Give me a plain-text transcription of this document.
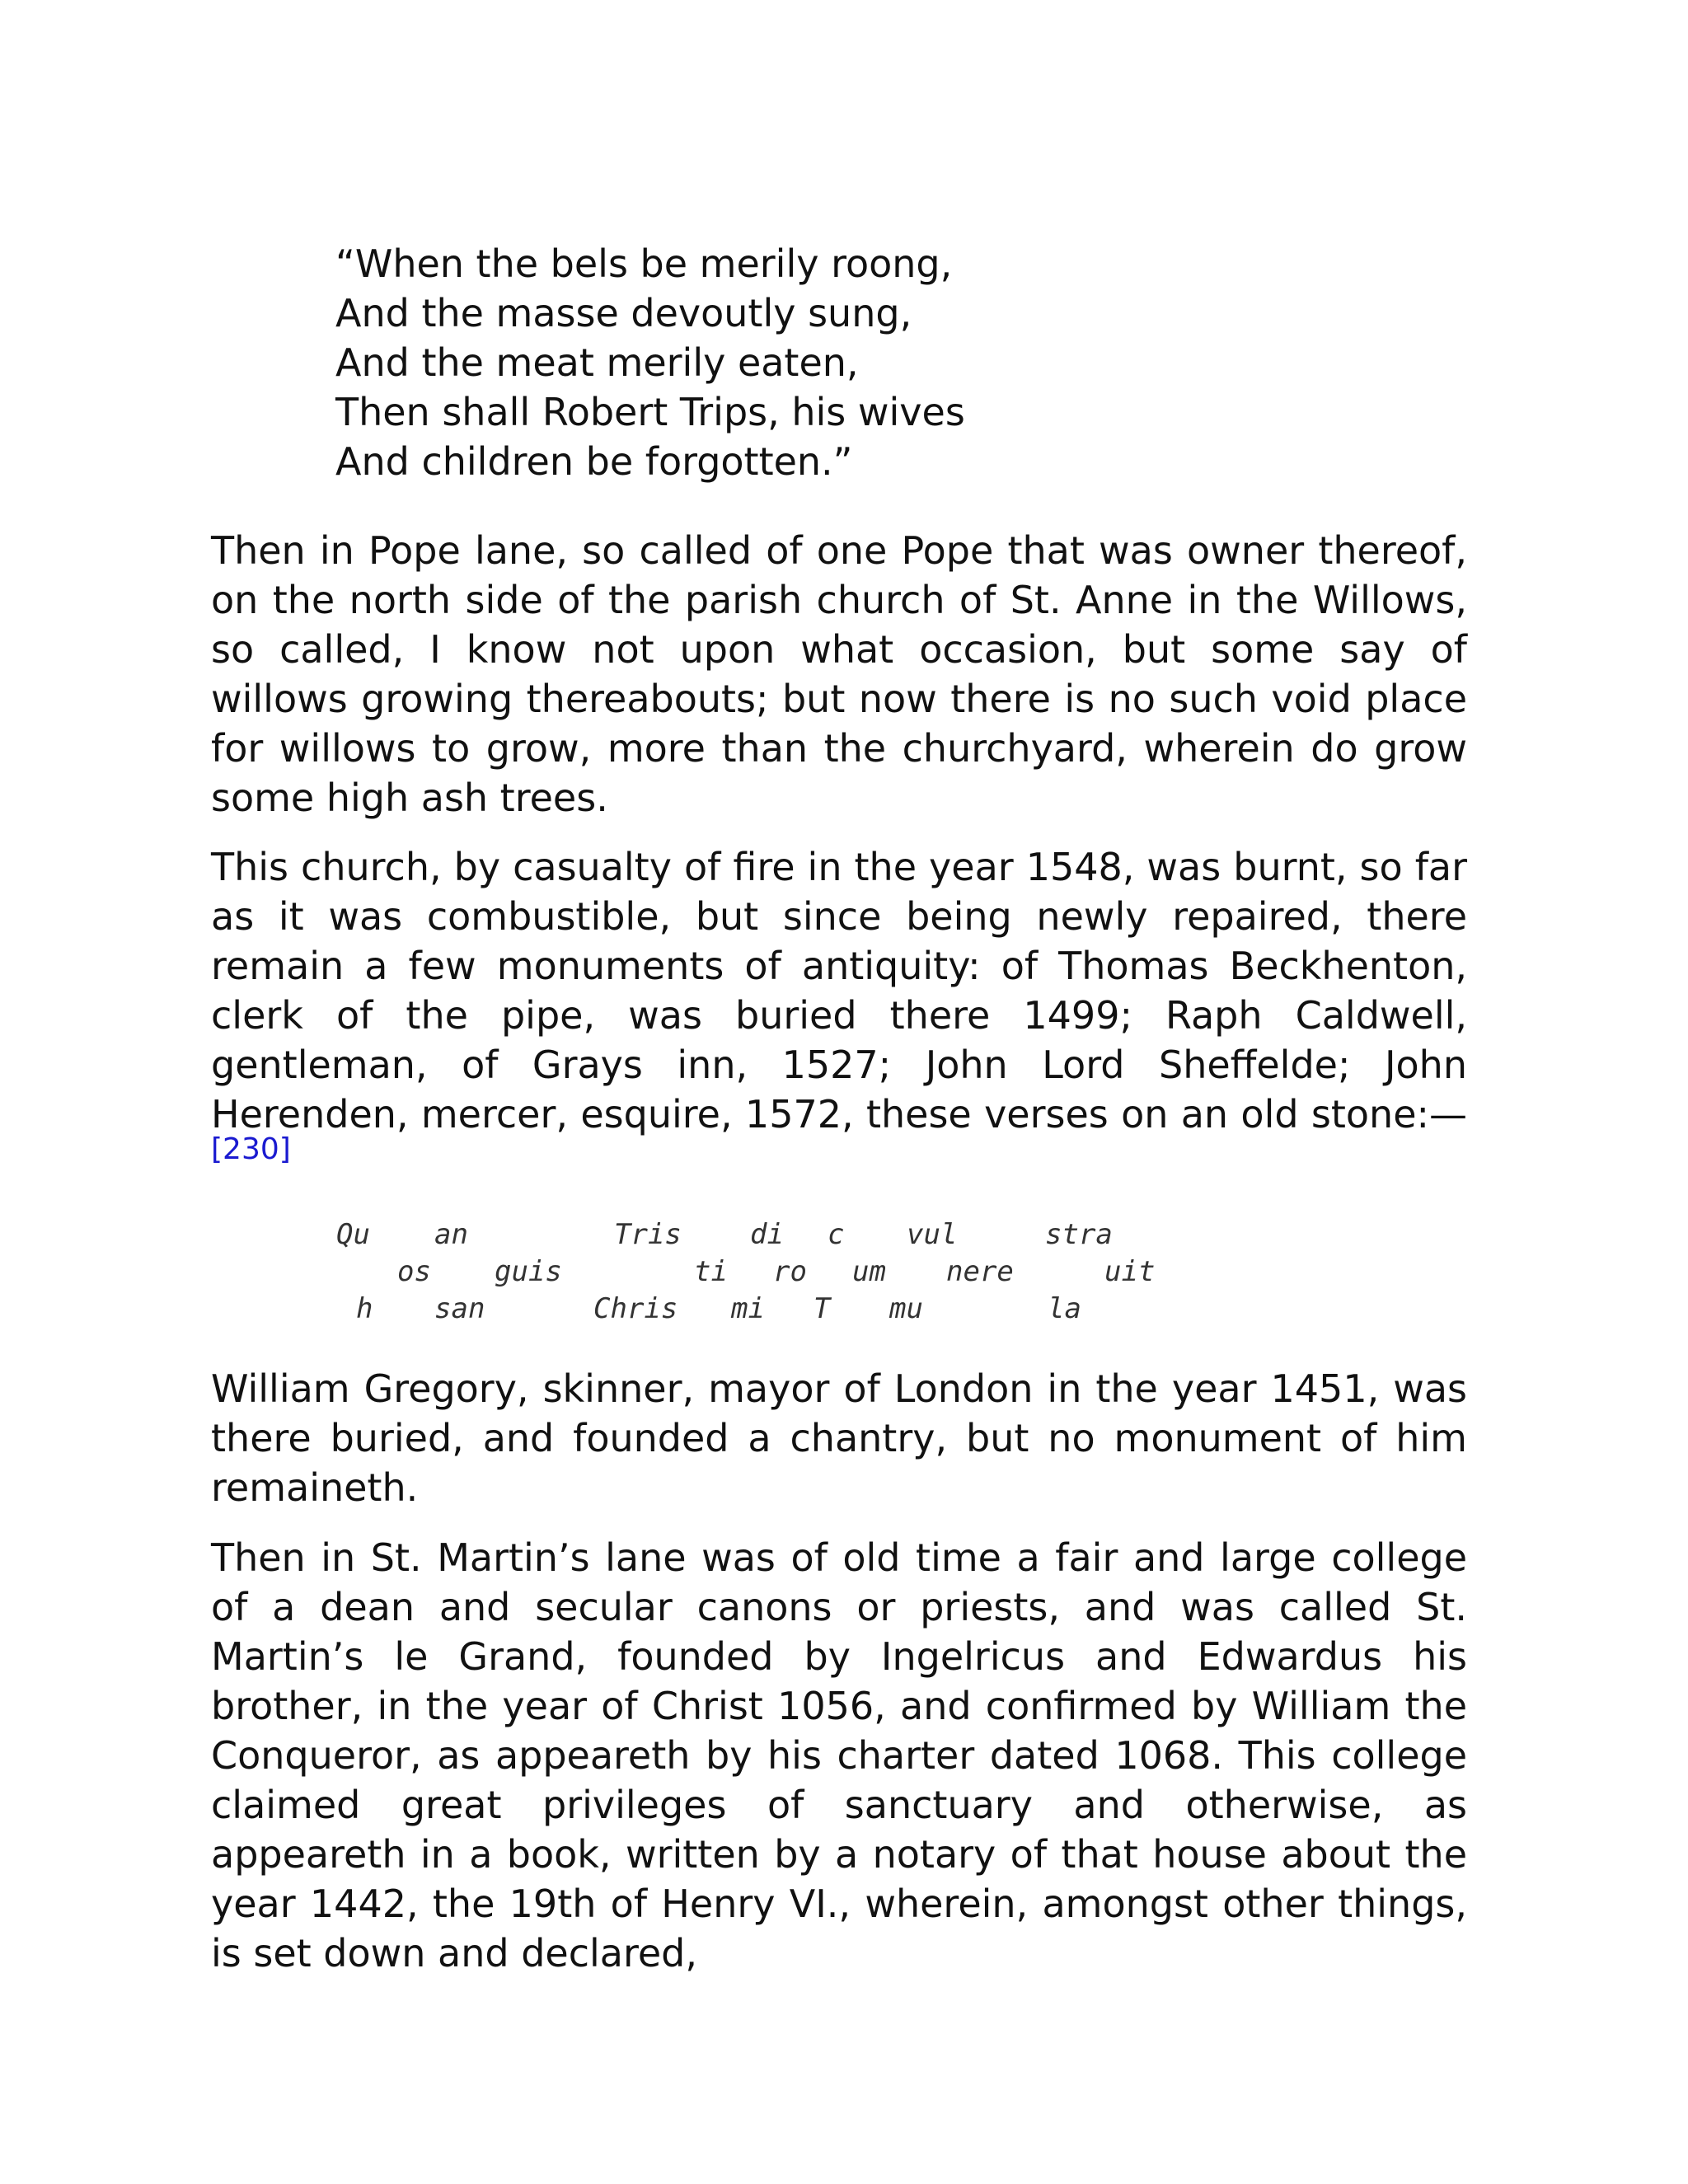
“When the bels be merily roong,
And the masse devoutly sung,
And the meat merily eaten,
Then shall Robert Trips, his wives
And children be forgotten.”

Then in Pope lane, so called of one Pope that was owner thereof, on the north side of the parish church of St. Anne in the Willows, so called, I know not upon what occasion, but some say of willows growing thereabouts; but now there is no such void place for willows to grow, more than the churchyard, wherein do grow some high ash trees.

This church, by casualty of fire in the year 1548, was burnt, so far as it was combustible, but since being newly repaired, there remain a few monuments of antiquity: of Thomas Beckhenton, clerk of the pipe, was buried there 1499; Raph Caldwell, gentleman, of Grays inn, 1527; John Lord Sheffelde; John Herenden, mercer, esquire, 1572, these verses on an old stone:—[230]

Qu an	Tris di c vul	stra
os guis	ti ro um nere	uit
h san	Chris mi T mu	la

William Gregory, skinner, mayor of London in the year 1451, was there buried, and founded a chantry, but no monument of him remaineth.

Then in St. Martin’s lane was of old time a fair and large college of a dean and secular canons or priests, and was called St. Martin’s le Grand, founded by Ingelricus and Edwardus his brother, in the year of Christ 1056, and confirmed by William the Conqueror, as appeareth by his charter dated 1068. This college claimed great privileges of sanctuary and otherwise, as appeareth in a book, written by a notary of that house about the year 1442, the 19th of Henry VI., wherein, amongst other things, is set down and declared,
